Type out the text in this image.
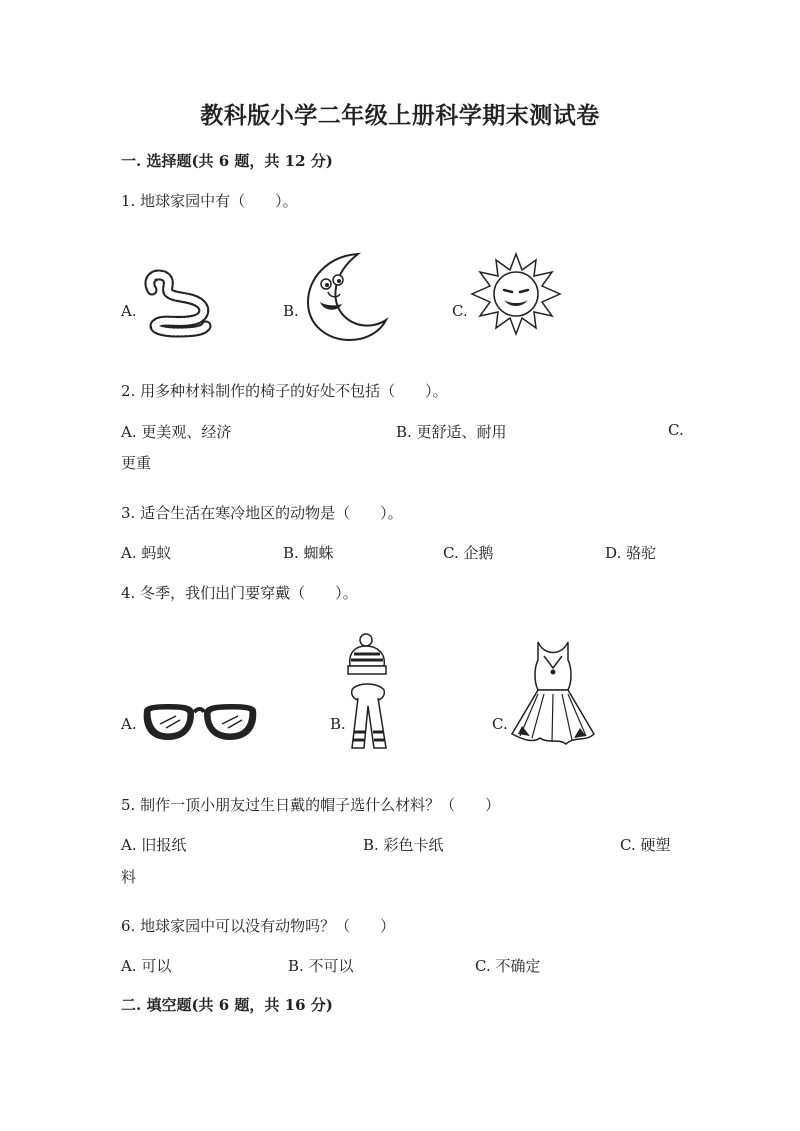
教科版小学二年级上册科学期末测试卷
一. 选择题(共 6 题，共 12 分)
1. 地球家园中有（　　）。
A.	B.	C.
2. 用多种材料制作的椅子的好处不包括（　　）。
A. 更美观、经济	B. 更舒适、耐用	C.
更重
3. 适合生活在寒冷地区的动物是（　　）。
A. 蚂蚁	B. 蜘蛛	C. 企鹅	D. 骆驼
4. 冬季，我们出门要穿戴（　　）。
A.	B.	C.
5. 制作一顶小朋友过生日戴的帽子选什么材料？（　　）
A. 旧报纸	B. 彩色卡纸	C. 硬塑
料
6. 地球家园中可以没有动物吗？（　　）
A. 可以	B. 不可以	C. 不确定
二. 填空题(共 6 题，共 16 分)
